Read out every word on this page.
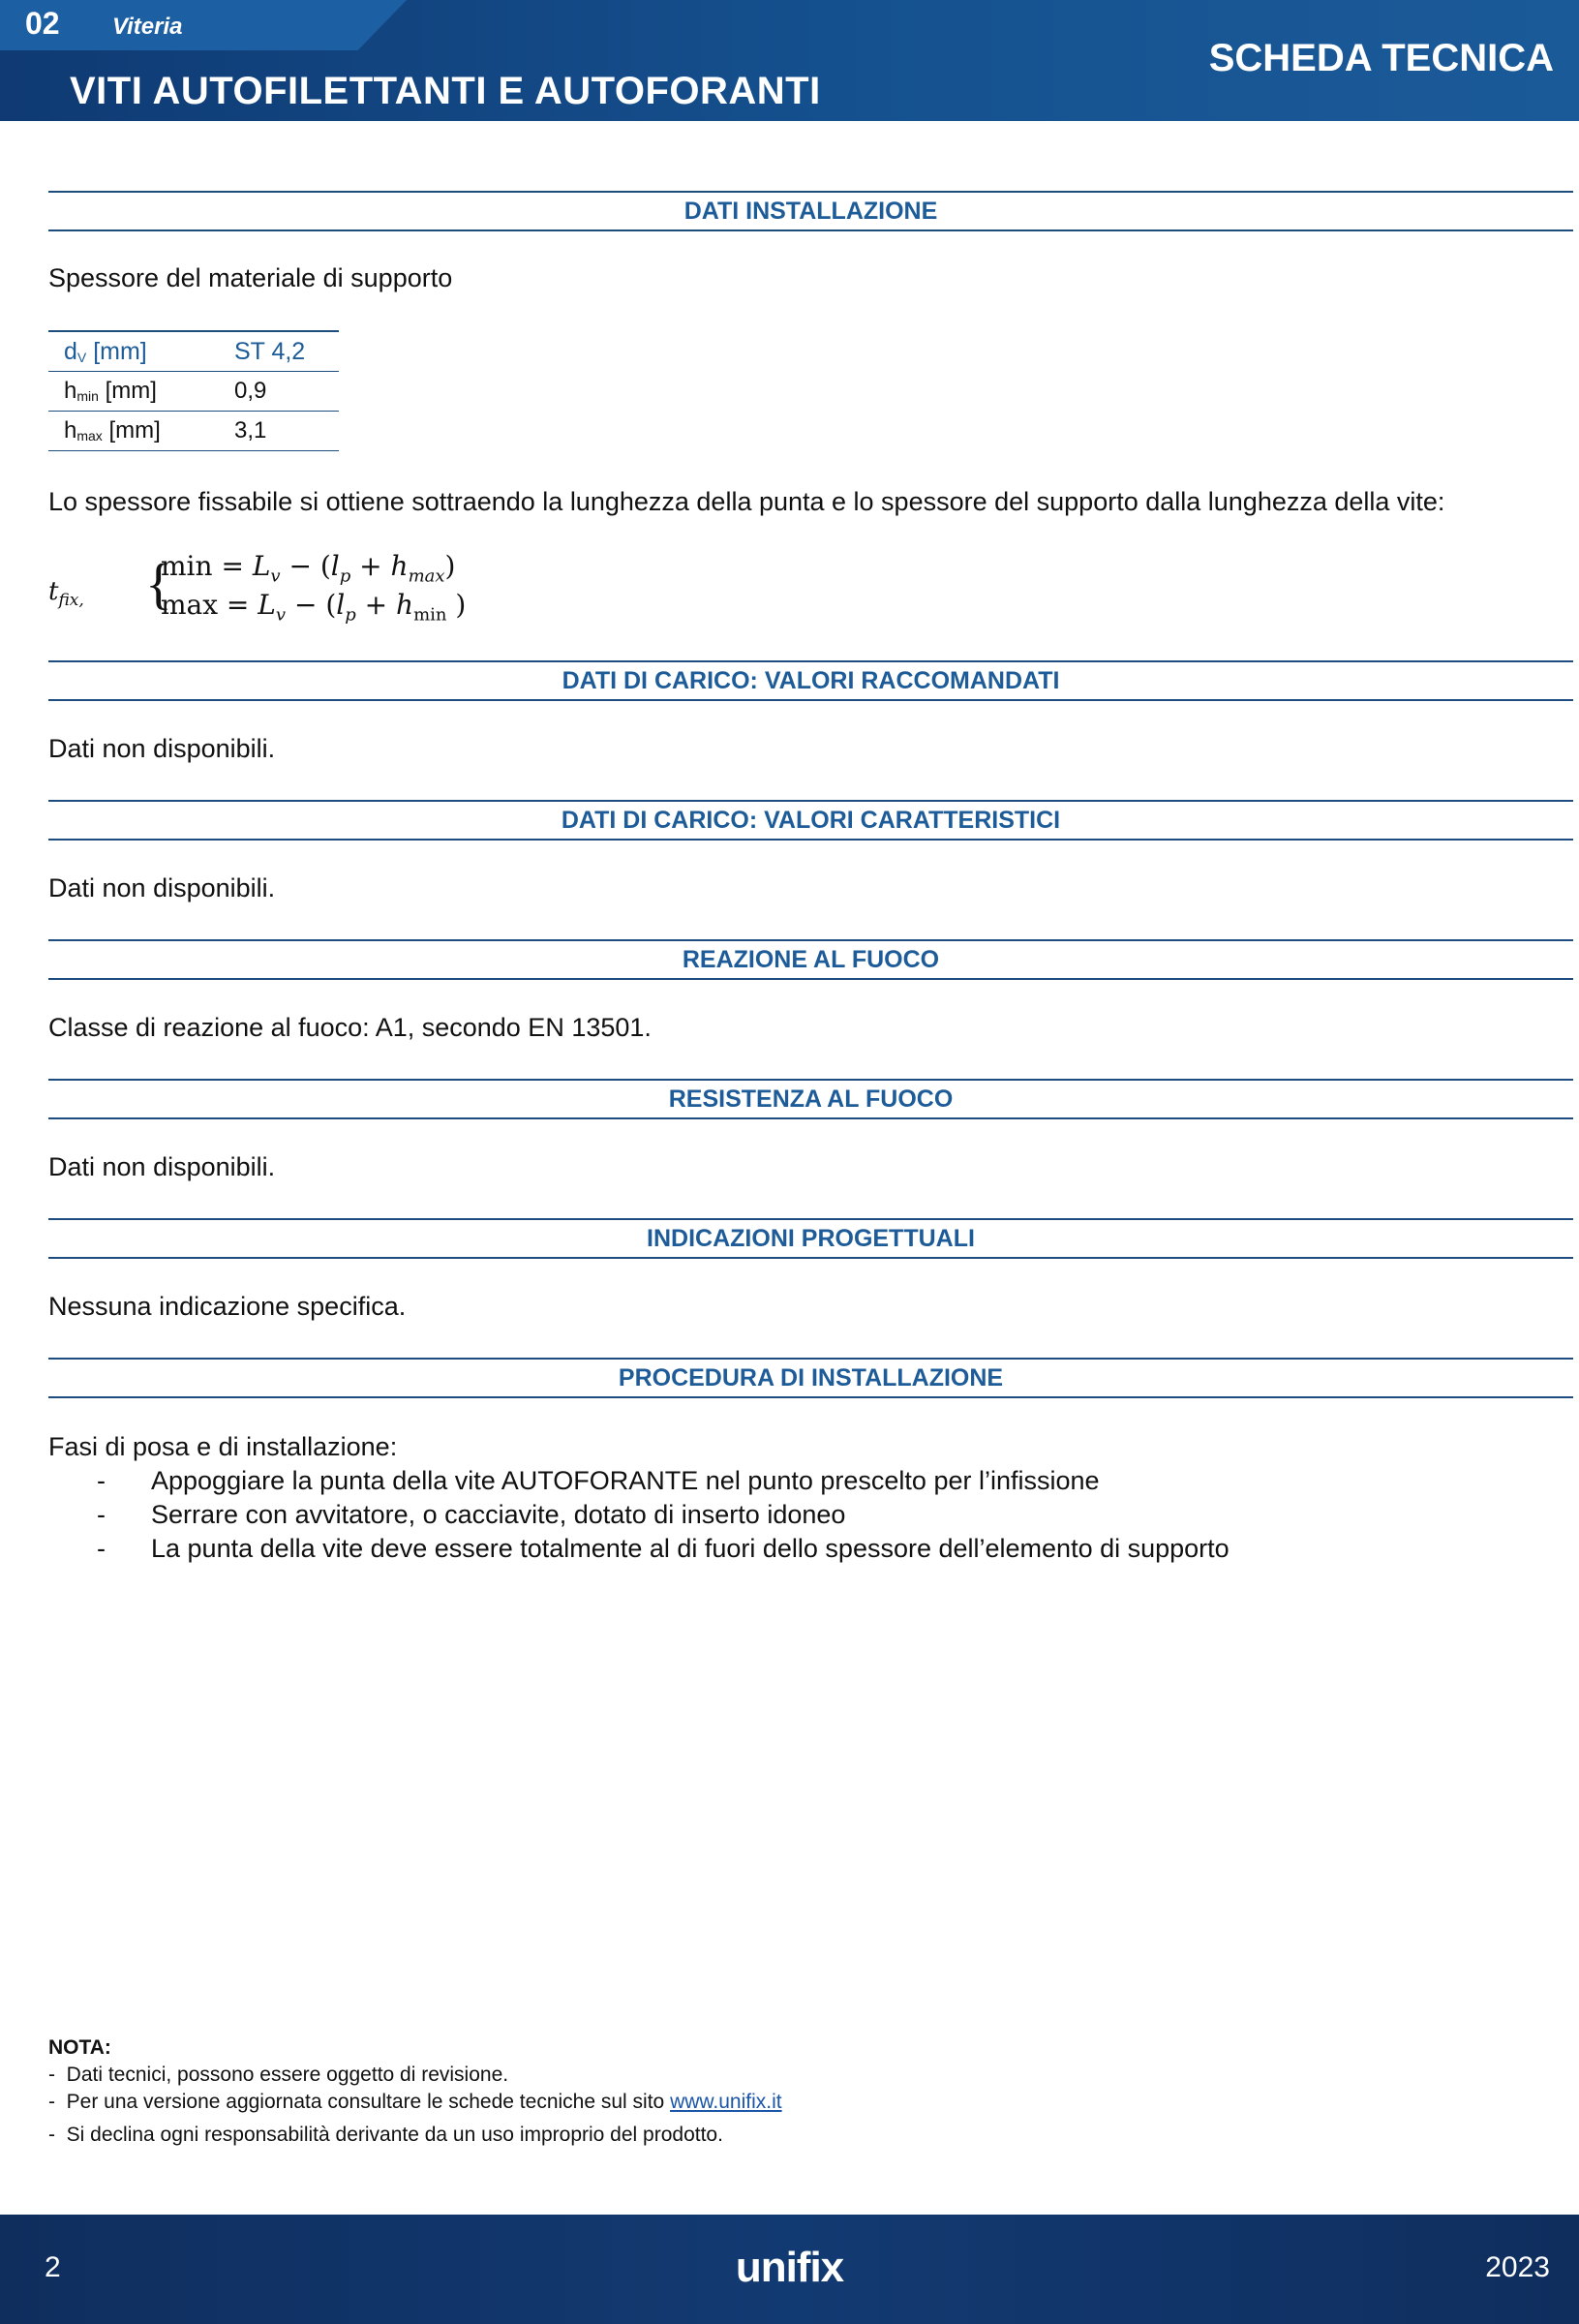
02 Viteria
VITI AUTOFILETTANTI E AUTOFORANTI
SCHEDA TECNICA
DATI INSTALLAZIONE
Spessore del materiale di supporto
$d_V$ [mm]	ST 4,2
$h_{min}$ [mm]	0,9
$h_{max}$ [mm]	3,1
Lo spessore fissabile si ottiene sottraendo la lunghezza della punta e lo spessore del supporto dalla lunghezza della vite:
$t_{fix,}$ {
$\min = L_v - (l_p + h_{max})$
$\max = L_v - (l_p + h_{min}$ )
DATI DI CARICO: VALORI RACCOMANDATI
Dati non disponibili.
DATI DI CARICO: VALORI CARATTERISTICI
Dati non disponibili.
REAZIONE AL FUOCO
Classe di reazione al fuoco: A1, secondo EN 13501.
RESISTENZA AL FUOCO
Dati non disponibili.
INDICAZIONI PROGETTUALI
Nessuna indicazione specifica.
PROCEDURA DI INSTALLAZIONE
Fasi di posa e di installazione:
- Appoggiare la punta della vite AUTOFORANTE nel punto prescelto per l’infissione
- Serrare con avvitatore, o cacciavite, dotato di inserto idoneo
- La punta della vite deve essere totalmente al di fuori dello spessore dell’elemento di supporto
NOTA:
-  Dati tecnici, possono essere oggetto di revisione.
-  Per una versione aggiornata consultare le schede tecniche sul sito www.unifix.it
-  Si declina ogni responsabilità derivante da un uso improprio del prodotto.
2	unifix	2023
